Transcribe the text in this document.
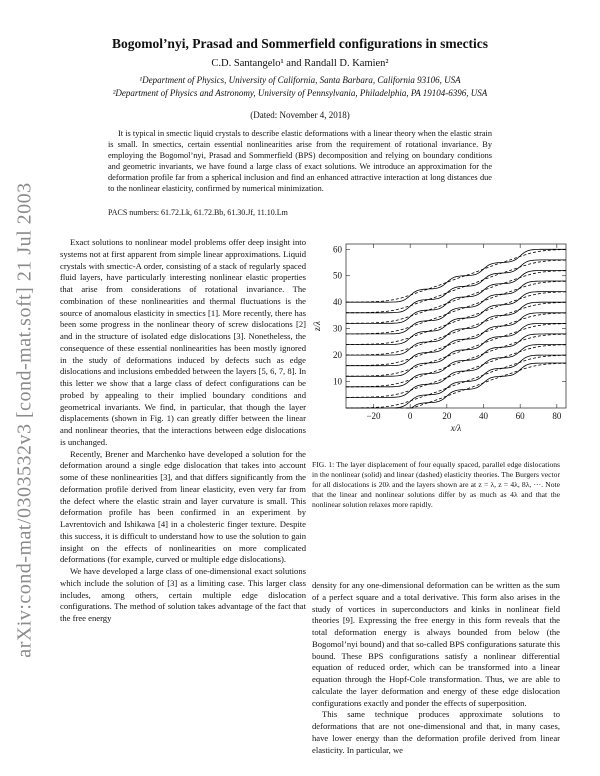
arXiv:cond-mat/0303532v3 [cond-mat.soft] 21 Jul 2003
Bogomol’nyi, Prasad and Sommerfield configurations in smectics
C.D. Santangelo¹ and Randall D. Kamien²
¹Department of Physics, University of California, Santa Barbara, California 93106, USA
²Department of Physics and Astronomy, University of Pennsylvania, Philadelphia, PA 19104-6396, USA
(Dated: November 4, 2018)

It is typical in smectic liquid crystals to describe elastic deformations with a linear theory when the elastic strain is small. In smectics, certain essential nonlinearities arise from the requirement of rotational invariance. By employing the Bogomol’nyi, Prasad and Sommerfield (BPS) decomposition and relying on boundary conditions and geometric invariants, we have found a large class of exact solutions. We introduce an approximation for the deformation profile far from a spherical inclusion and find an enhanced attractive interaction at long distances due to the nonlinear elasticity, confirmed by numerical minimization.

PACS numbers: 61.72.Lk, 61.72.Bb, 61.30.Jf, 11.10.Lm

Exact solutions to nonlinear model problems offer deep insight into systems not at first apparent from simple linear approximations. Liquid crystals with smectic-A order, consisting of a stack of regularly spaced fluid layers, have particularly interesting nonlinear elastic properties that arise from considerations of rotational invariance. The combination of these nonlinearities and thermal fluctuations is the source of anomalous elasticity in smectics [1]. More recently, there has been some progress in the nonlinear theory of screw dislocations [2] and in the structure of isolated edge dislocations [3]. Nonetheless, the consequence of these essential nonlinearities has been mostly ignored in the study of deformations induced by defects such as edge dislocations and inclusions embedded between the layers [5, 6, 7, 8]. In this letter we show that a large class of defect configurations can be probed by appealing to their implied boundary conditions and geometrical invariants. We find, in particular, that though the layer displacements (shown in Fig. 1) can greatly differ between the linear and nonlinear theories, that the interactions between edge dislocations is unchanged.

Recently, Brener and Marchenko have developed a solution for the deformation around a single edge dislocation that takes into account some of these nonlinearities [3], and that differs significantly from the deformation profile derived from linear elasticity, even very far from the defect where the elastic strain and layer curvature is small. This deformation profile has been confirmed in an experiment by Lavrentovich and Ishikawa [4] in a cholesteric finger texture. Despite this success, it is difficult to understand how to use the solution to gain insight on the effects of nonlinearities on more complicated deformations (for example, curved or multiple edge dislocations).

We have developed a large class of one-dimensional exact solutions which include the solution of [3] as a limiting case. This larger class includes, among others, certain multiple edge dislocation configurations. The method of solution takes advantage of the fact that the free energy

−20	0	20	40	60	80
10
20
30
40
50
60
x/λ
z/λ

FIG. 1: The layer displacement of four equally spaced, parallel edge dislocations in the nonlinear (solid) and linear (dashed) elasticity theories. The Burgers vector for all dislocations is 20λ and the layers shown are at z = λ, z = 4λ, 8λ, ···. Note that the linear and nonlinear solutions differ by as much as 4λ and that the nonlinear solution relaxes more rapidly.

density for any one-dimensional deformation can be written as the sum of a perfect square and a total derivative. This form also arises in the study of vortices in superconductors and kinks in nonlinear field theories [9]. Expressing the free energy in this form reveals that the total deformation energy is always bounded from below (the Bogomol’nyi bound) and that so-called BPS configurations saturate this bound. These BPS configurations satisfy a nonlinear differential equation of reduced order, which can be transformed into a linear equation through the Hopf-Cole transformation. Thus, we are able to calculate the layer deformation and energy of these edge dislocation configurations exactly and ponder the effects of superposition.

This same technique produces approximate solutions to deformations that are not one-dimensional and that, in many cases, have lower energy than the deformation profile derived from linear elasticity. In particular, we
